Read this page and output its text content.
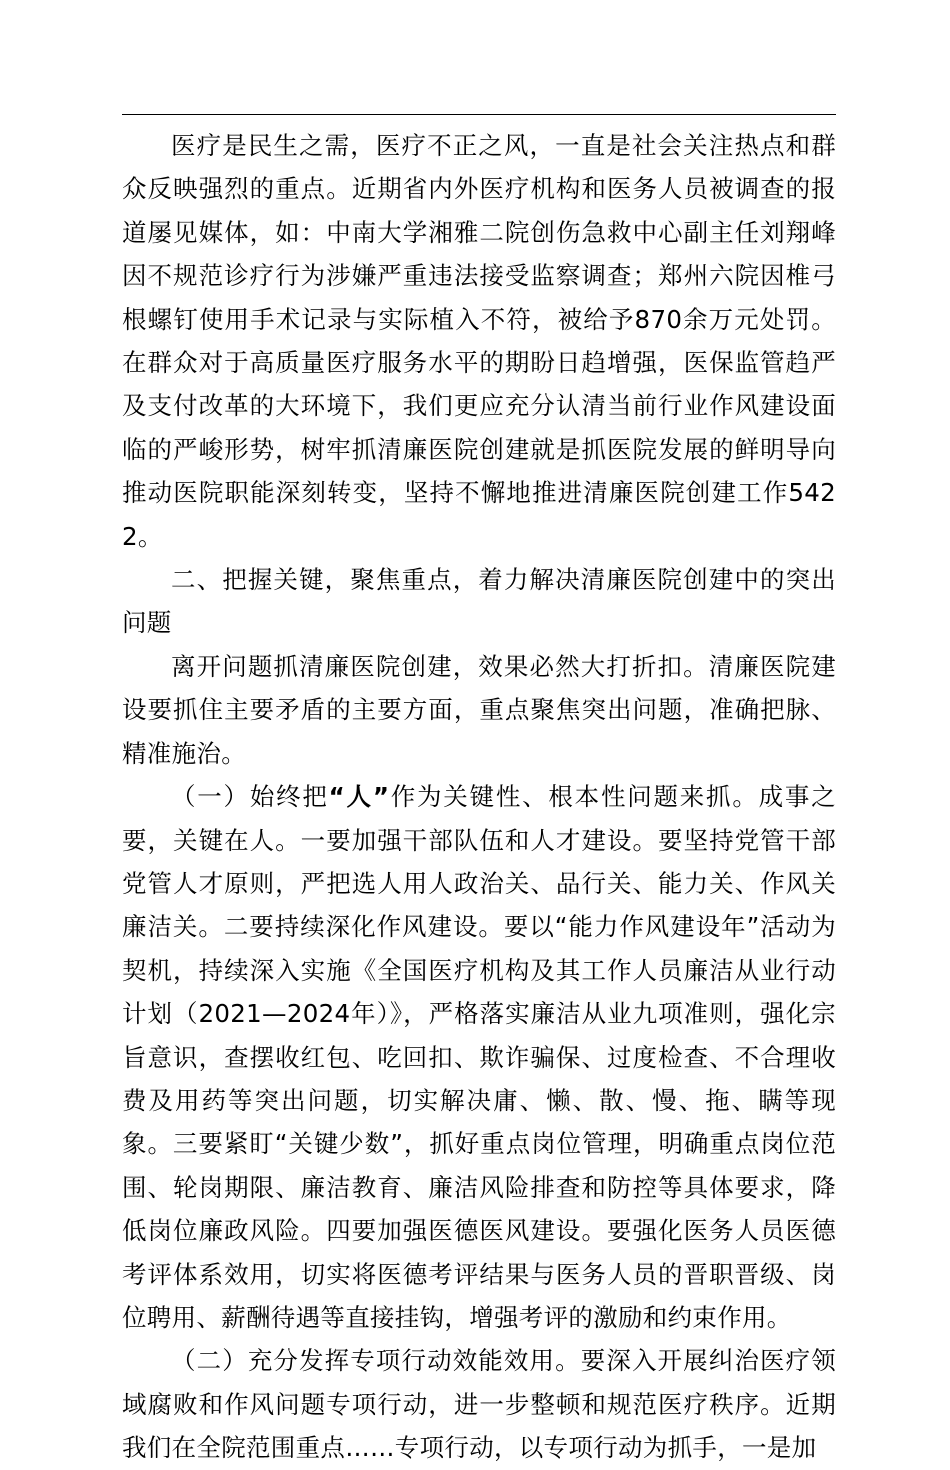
医疗是民生之需，医疗不正之风，一直是社会关注热点和群众反映强烈的重点。近期省内外医疗机构和医务人员被调查的报道屡见媒体，如：中南大学湘雅二院创伤急救中心副主任刘翔峰因不规范诊疗行为涉嫌严重违法接受监察调查；郑州六院因椎弓根螺钉使用手术记录与实际植入不符，被给予870余万元处罚。在群众对于高质量医疗服务水平的期盼日趋增强，医保监管趋严及支付改革的大环境下，我们更应充分认清当前行业作风建设面临的严峻形势，树牢抓清廉医院创建就是抓医院发展的鲜明导向推动医院职能深刻转变，坚持不懈地推进清廉医院创建工作5422。

二、把握关键，聚焦重点，着力解决清廉医院创建中的突出问题

离开问题抓清廉医院创建，效果必然大打折扣。清廉医院建设要抓住主要矛盾的主要方面，重点聚焦突出问题，准确把脉、精准施治。

（一）始终把“人”作为关键性、根本性问题来抓。成事之要，关键在人。一要加强干部队伍和人才建设。要坚持党管干部党管人才原则，严把选人用人政治关、品行关、能力关、作风关廉洁关。二要持续深化作风建设。要以“能力作风建设年”活动为契机，持续深入实施《全国医疗机构及其工作人员廉洁从业行动计划（2021—2024年）》，严格落实廉洁从业九项准则，强化宗旨意识，查摆收红包、吃回扣、欺诈骗保、过度检查、不合理收费及用药等突出问题，切实解决庸、懒、散、慢、拖、瞒等现象。三要紧盯“关键少数”，抓好重点岗位管理，明确重点岗位范围、轮岗期限、廉洁教育、廉洁风险排查和防控等具体要求，降低岗位廉政风险。四要加强医德医风建设。要强化医务人员医德考评体系效用，切实将医德考评结果与医务人员的晋职晋级、岗位聘用、薪酬待遇等直接挂钩，增强考评的激励和约束作用。

（二）充分发挥专项行动效能效用。要深入开展纠治医疗领域腐败和作风问题专项行动，进一步整顿和规范医疗秩序。近期我们在全院范围重点……专项行动，以专项行动为抓手，一是加
